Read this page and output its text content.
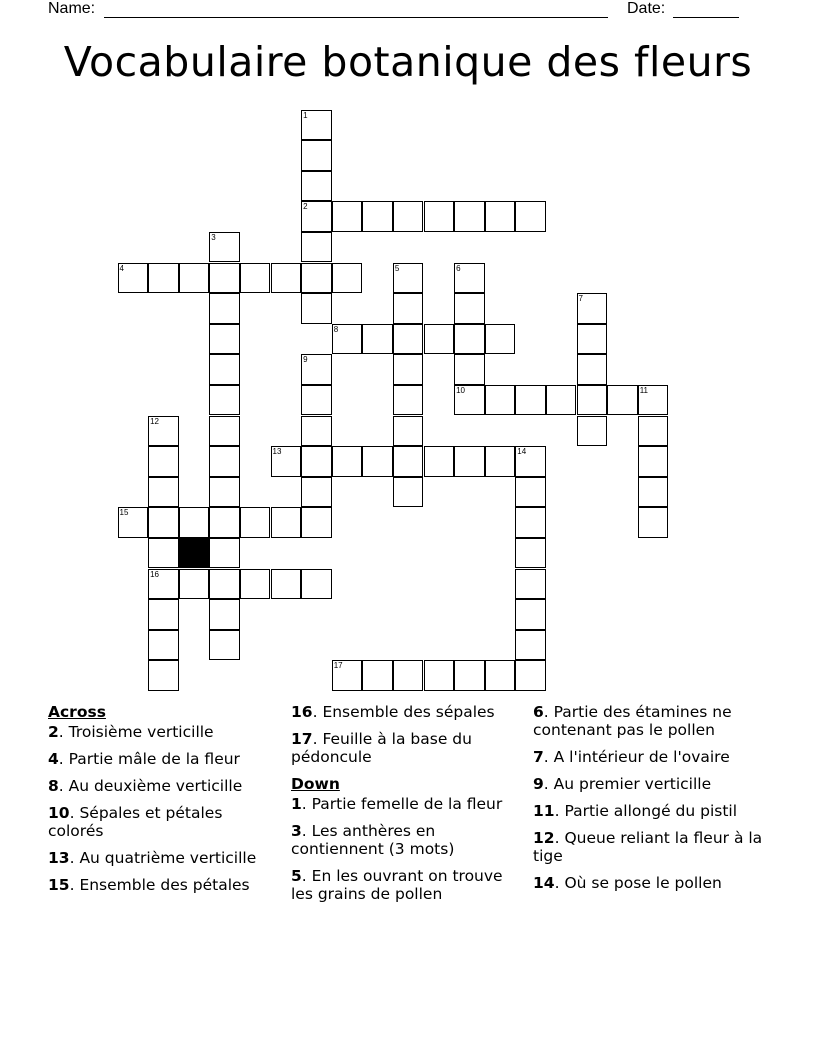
Name:	Date:
Vocabulaire botanique des fleurs
1
2
3
4	5	6
8
7
9
10	11
13	14
12
16
15
17
Across
2. Troisième verticille
4. Partie mâle de la fleur
8. Au deuxième verticille
10. Sépales et pétales colorés
13. Au quatrième verticille
15. Ensemble des pétales
16. Ensemble des sépales
17. Feuille à la base du pédoncule
Down
1. Partie femelle de la fleur
3. Les anthères en contiennent (3 mots)
5. En les ouvrant on trouve les grains de pollen
6. Partie des étamines ne contenant pas le pollen
7. A l'intérieur de l'ovaire
9. Au premier verticille
11. Partie allongé du pistil
12. Queue reliant la fleur à la tige
14. Où se pose le pollen
